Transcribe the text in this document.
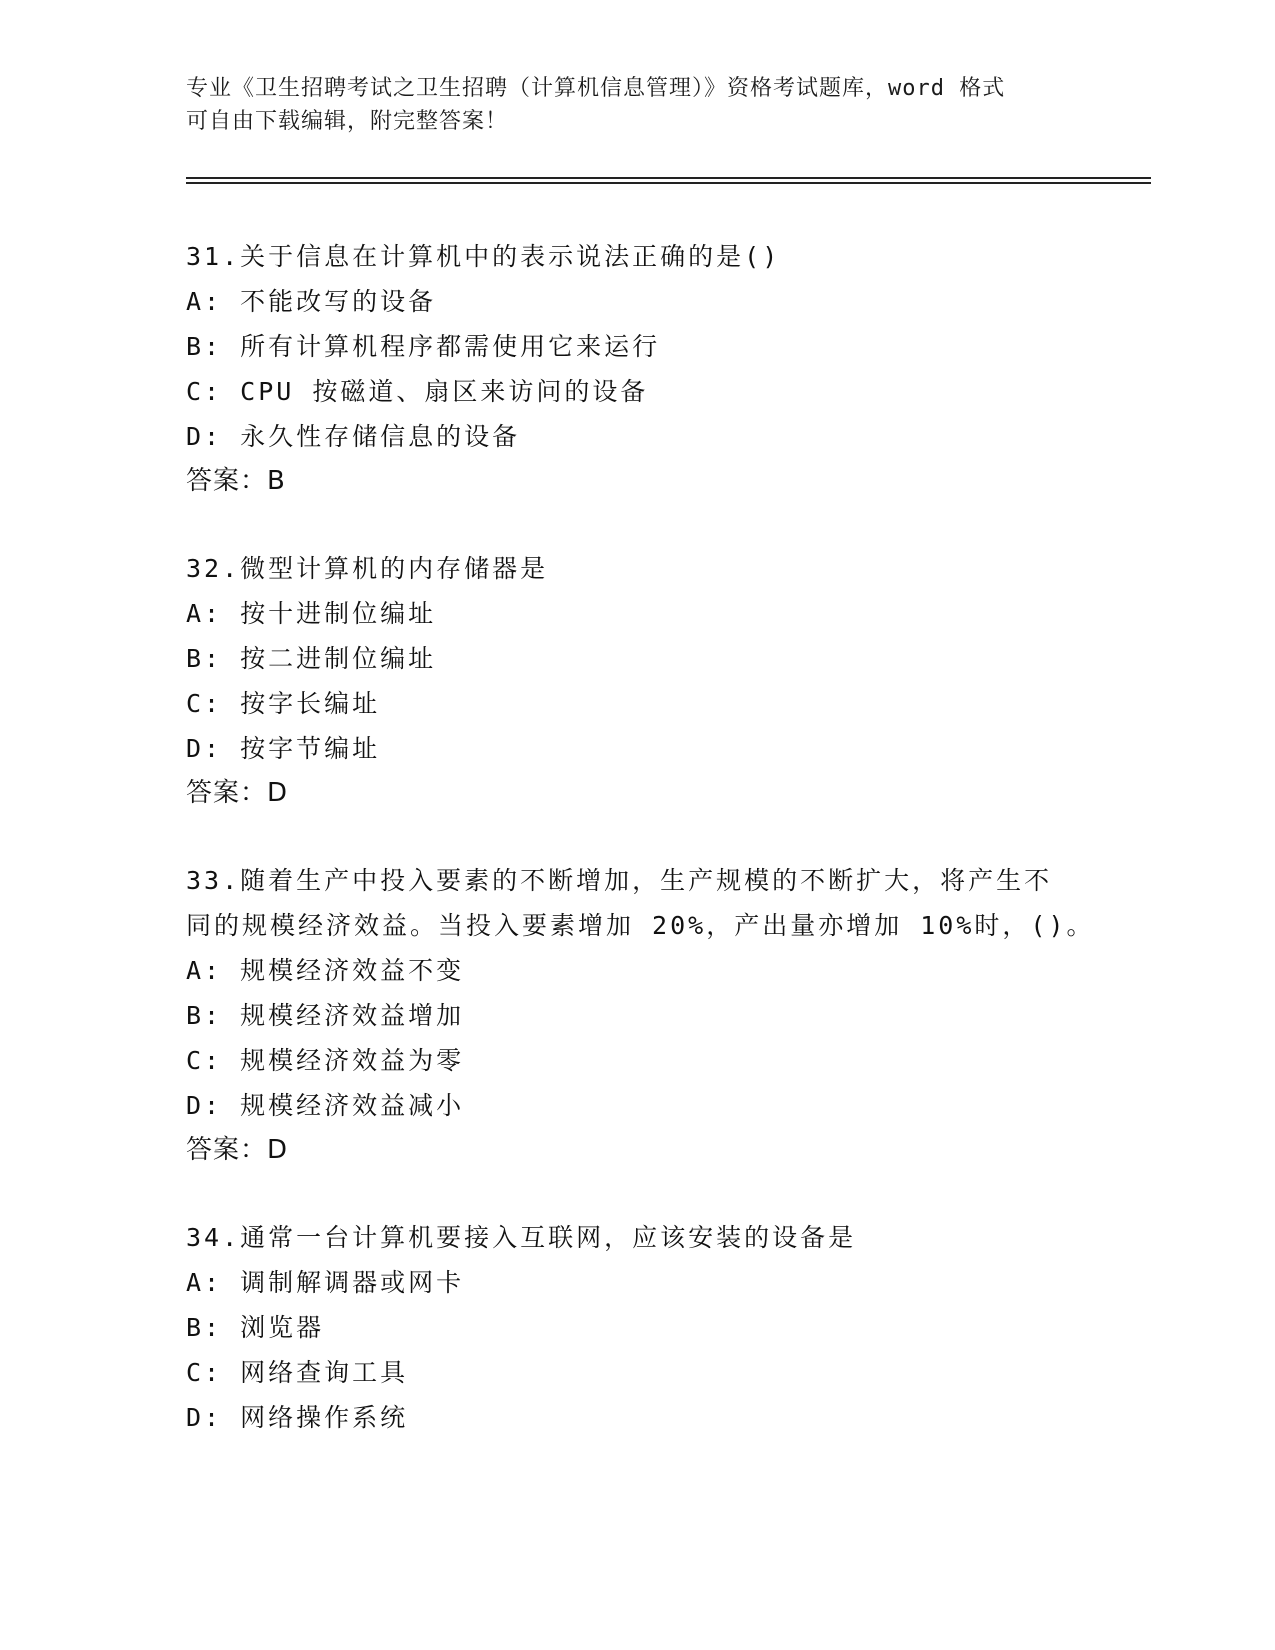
专业《卫生招聘考试之卫生招聘（计算机信息管理）》资格考试题库，word 格式
可自由下载编辑，附完整答案！
31.关于信息在计算机中的表示说法正确的是()
A: 不能改写的设备
B: 所有计算机程序都需使用它来运行
C: CPU 按磁道、扇区来访问的设备
D: 永久性存储信息的设备
答案：B
32.微型计算机的内存储器是
A: 按十进制位编址
B: 按二进制位编址
C: 按字长编址
D: 按字节编址
答案：D
33.随着生产中投入要素的不断增加，生产规模的不断扩大，将产生不
同的规模经济效益。当投入要素增加 20%，产出量亦增加 10%时，()。
A: 规模经济效益不变
B: 规模经济效益增加
C: 规模经济效益为零
D: 规模经济效益减小
答案：D
34.通常一台计算机要接入互联网，应该安装的设备是
A: 调制解调器或网卡
B: 浏览器
C: 网络查询工具
D: 网络操作系统
